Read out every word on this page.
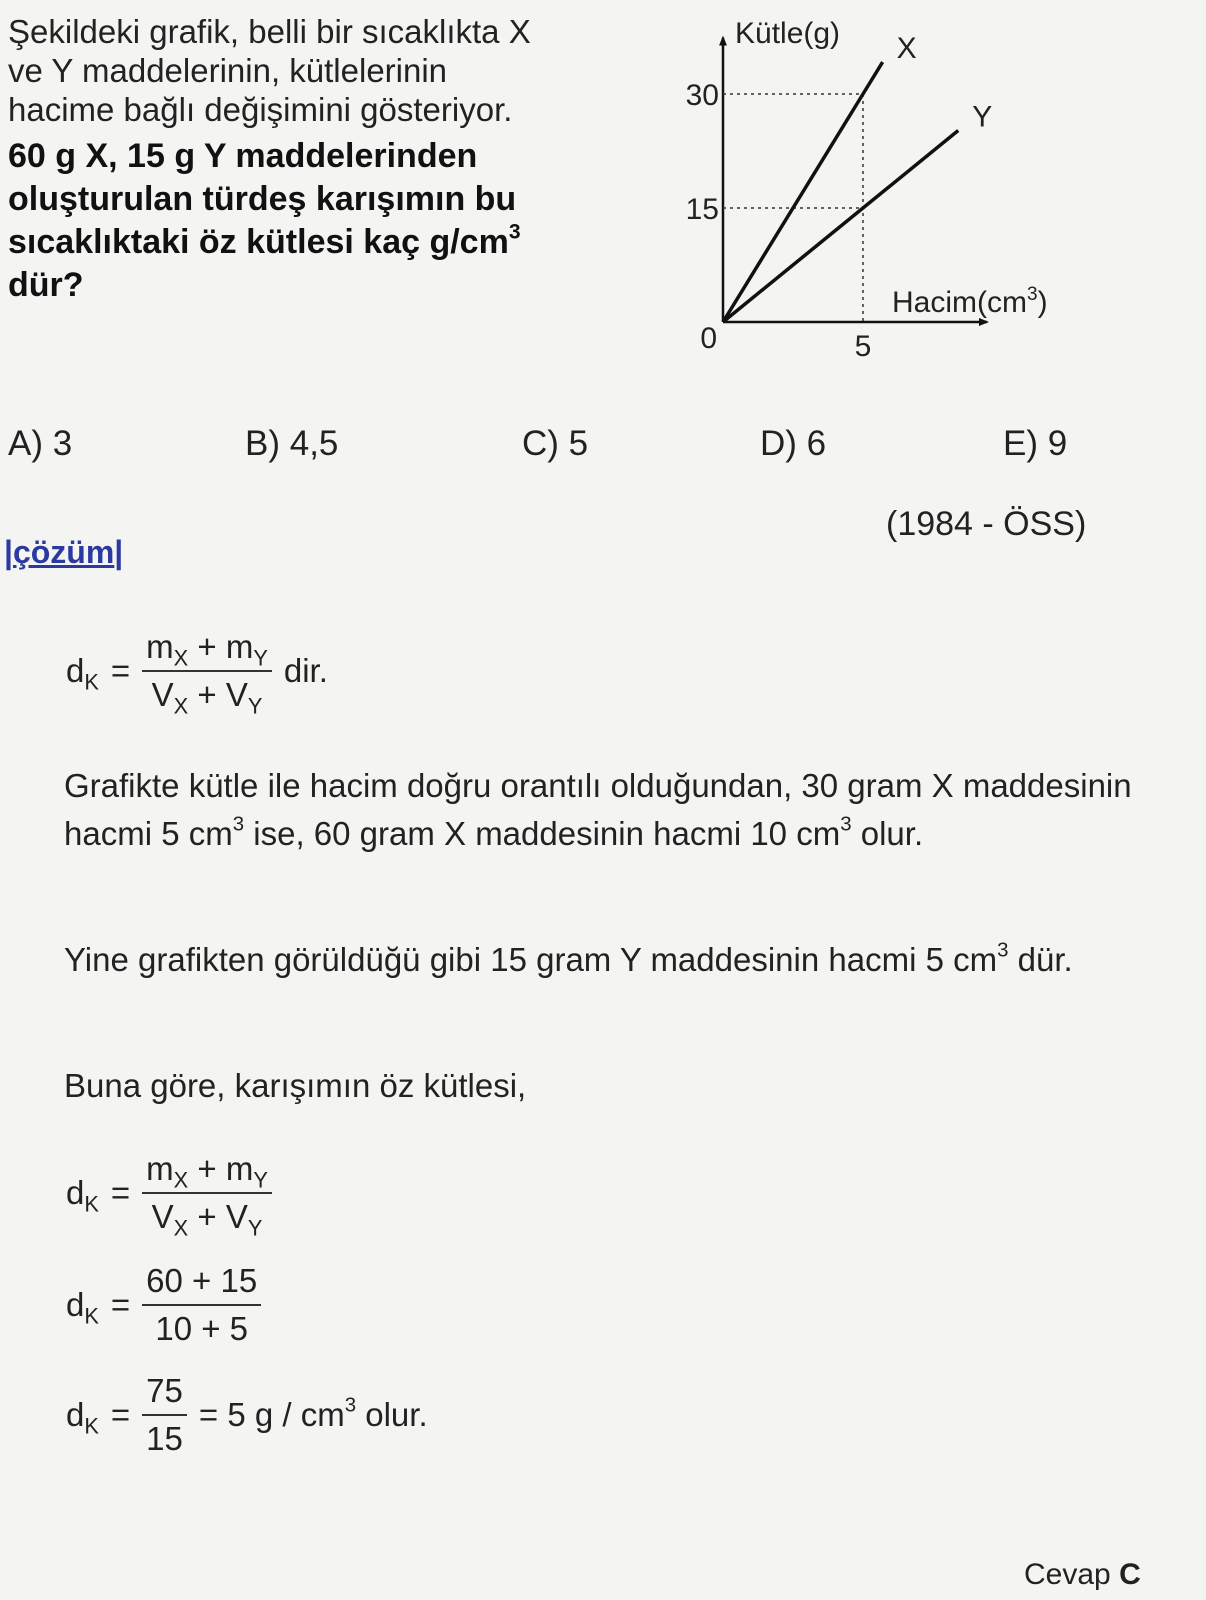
Şekildeki grafik, belli bir sıcaklıkta X
ve Y maddelerinin, kütlelerinin
hacime bağlı değişimini gösteriyor.
60 g X, 15 g Y maddelerinden
oluşturulan türdeş karışımın bu
sıcaklıktaki öz kütlesi kaç $g/cm^3$
dür?
X
Y
15
30
5
0
Kütle(g)
$Hacim(cm^3)$
A) 3	B) 4,5	C) 5	D) 6	E) 9
(1984 - ÖSS)
|çözüm|
$d_K = \frac{m_X + m_Y}{V_X + V_Y}$ dir.
Grafikte kütle ile hacim doğru orantılı olduğundan, 30 gram X maddesinin hacmi 5 $cm^3$ ise, 60 gram X maddesinin hacmi 10 $cm^3$ olur.
Yine grafikten görüldüğü gibi 15 gram Y maddesinin hacmi 5 $cm^3$ dür.
Buna göre, karışımın öz kütlesi,
$d_K = \frac{m_X + m_Y}{V_X + V_Y}$
$d_K = \frac{60 + 15}{10 + 5}$
$d_K = \frac{75}{15} = 5$ g / $cm^3$ olur.
Cevap C
